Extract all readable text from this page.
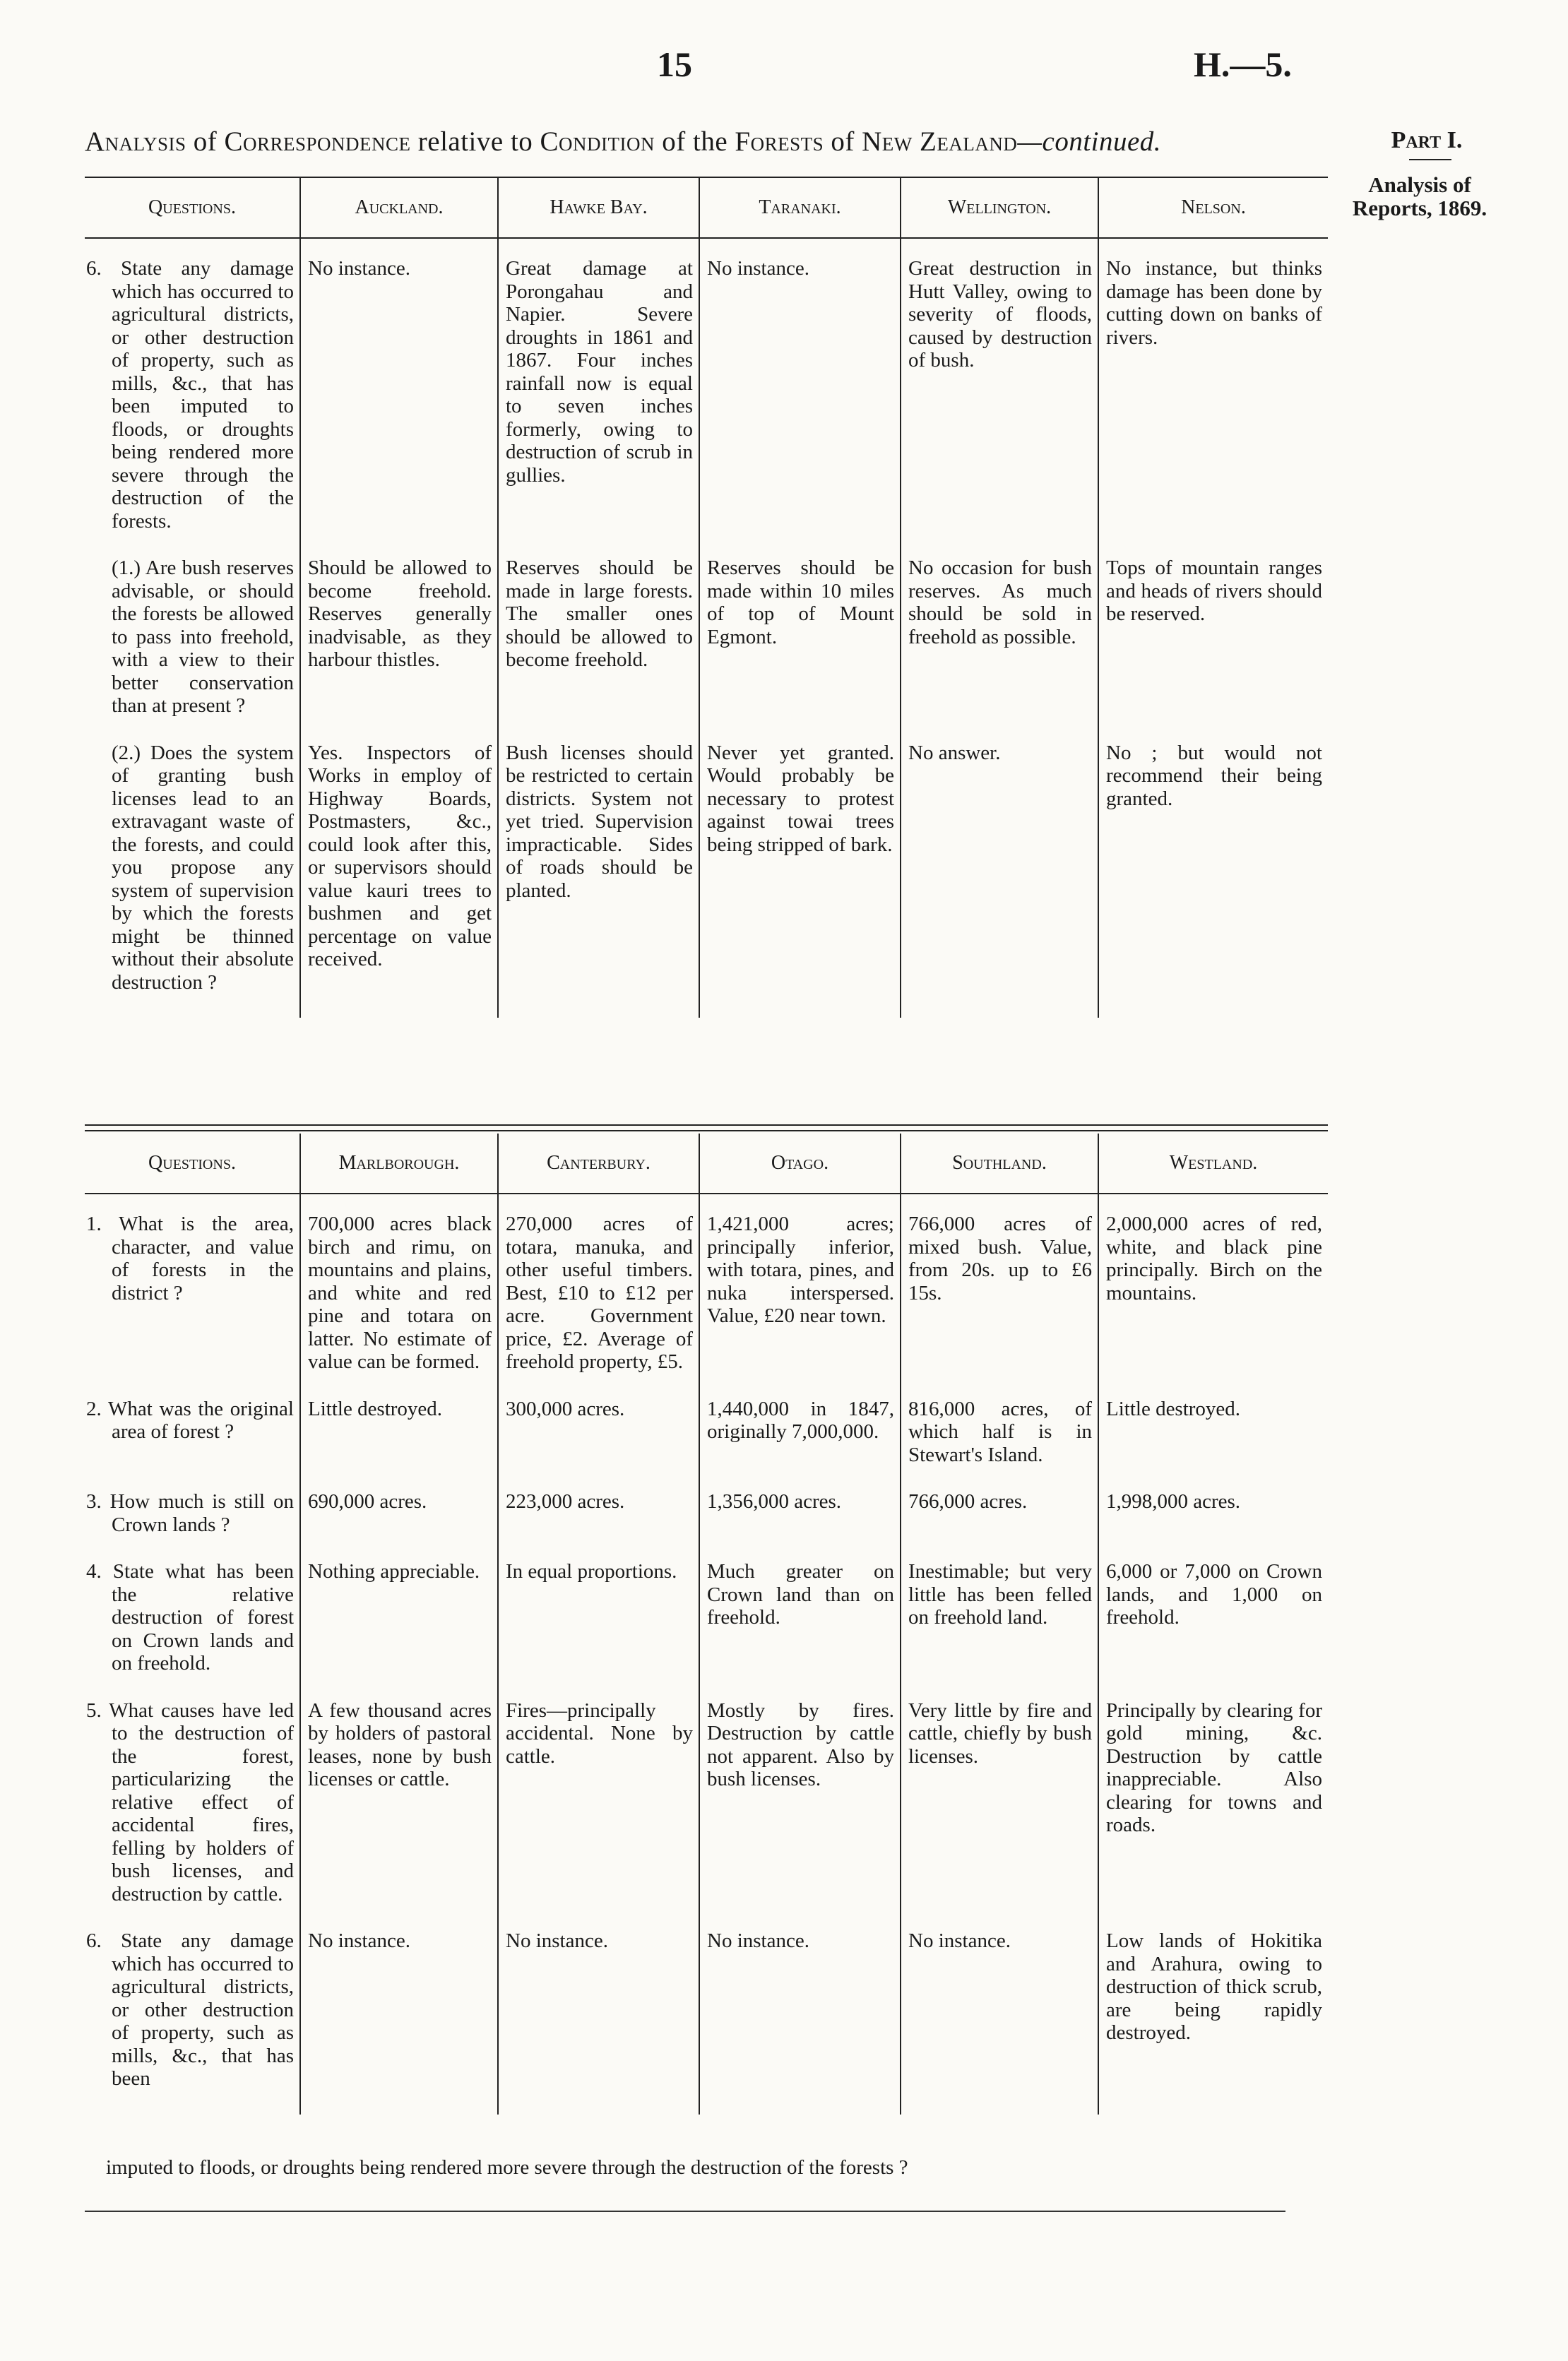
15	H.—5.
Analysis of Correspondence relative to Condition of the Forests of New Zealand—continued.	Part I.
Analysis of
Reports, 1869.
Questions.	Auckland.	Hawke Bay.	Taranaki.	Wellington.	Nelson.

6. State any damage which has occurred to agricultural districts, or other destruction of property, such as mills, &c., that has been imputed to floods, or droughts being rendered more severe through the destruction of the forests.	No instance.	Great damage at Porongahau and Napier. Severe droughts in 1861 and 1867. Four inches rainfall now is equal to seven inches formerly, owing to destruction of scrub in gullies.	No instance.	Great destruction in Hutt Valley, owing to severity of floods, caused by destruction of bush.	No instance, but thinks damage has been done by cutting down on banks of rivers.

(1.) Are bush reserves advisable, or should the forests be allowed to pass into freehold, with a view to their better conservation than at present ?	Should be allowed to become freehold. Reserves generally inadvisable, as they harbour thistles.	Reserves should be made in large forests. The smaller ones should be allowed to become freehold.	Reserves should be made within 10 miles of top of Mount Egmont.	No occasion for bush reserves. As much should be sold in freehold as possible.	Tops of mountain ranges and heads of rivers should be reserved.

(2.) Does the system of granting bush licenses lead to an extravagant waste of the forests, and could you propose any system of supervision by which the forests might be thinned without their absolute destruction ?	Yes. Inspectors of Works in employ of Highway Boards, Postmasters, &c., could look after this, or supervisors should value kauri trees to bushmen and get percentage on value received.	Bush licenses should be restricted to certain districts. System not yet tried. Supervision impracticable. Sides of roads should be planted.	Never yet granted. Would probably be necessary to protest against towai trees being stripped of bark.	No answer.	No ; but would not recommend their being granted.
Questions.	Marlborough.	Canterbury.	Otago.	Southland.	Westland.

1. What is the area, character, and value of forests in the district ?	700,000 acres black birch and rimu, on mountains and plains, and white and red pine and totara on latter. No estimate of value can be formed.	270,000 acres of totara, manuka, and other useful timbers. Best, £10 to £12 per acre. Government price, £2. Average of freehold property, £5.	1,421,000 acres; principally inferior, with totara, pines, and nuka interspersed. Value, £20 near town.	766,000 acres of mixed bush. Value, from 20s. up to £6 15s.	2,000,000 acres of red, white, and black pine principally. Birch on the mountains.

2. What was the original area of forest ?	Little destroyed.	300,000 acres.	1,440,000 in 1847, originally 7,000,000.	816,000 acres, of which half is in Stewart's Island.	Little destroyed.

3. How much is still on Crown lands ?	690,000 acres.	223,000 acres.	1,356,000 acres.	766,000 acres.	1,998,000 acres.

4. State what has been the relative destruction of forest on Crown lands and on freehold.	Nothing appreciable.	In equal proportions.	Much greater on Crown land than on freehold.	Inestimable; but very little has been felled on freehold land.	6,000 or 7,000 on Crown lands, and 1,000 on freehold.

5. What causes have led to the destruction of the forest, particularizing the relative effect of accidental fires, felling by holders of bush licenses, and destruction by cattle.	A few thousand acres by holders of pastoral leases, none by bush licenses or cattle.	Fires—principally accidental. None by cattle.	Mostly by fires. Destruction by cattle not apparent. Also by bush licenses.	Very little by fire and cattle, chiefly by bush licenses.	Principally by clearing for gold mining, &c. Destruction by cattle inappreciable. Also clearing for towns and roads.

6. State any damage which has occurred to agricultural districts, or other destruction of property, such as mills, &c., that has been	No instance.	No instance.	No instance.	No instance.	Low lands of Hokitika and Arahura, owing to destruction of thick scrub, are being rapidly destroyed.
imputed to floods, or droughts being rendered more severe through the destruction of the forests ?
